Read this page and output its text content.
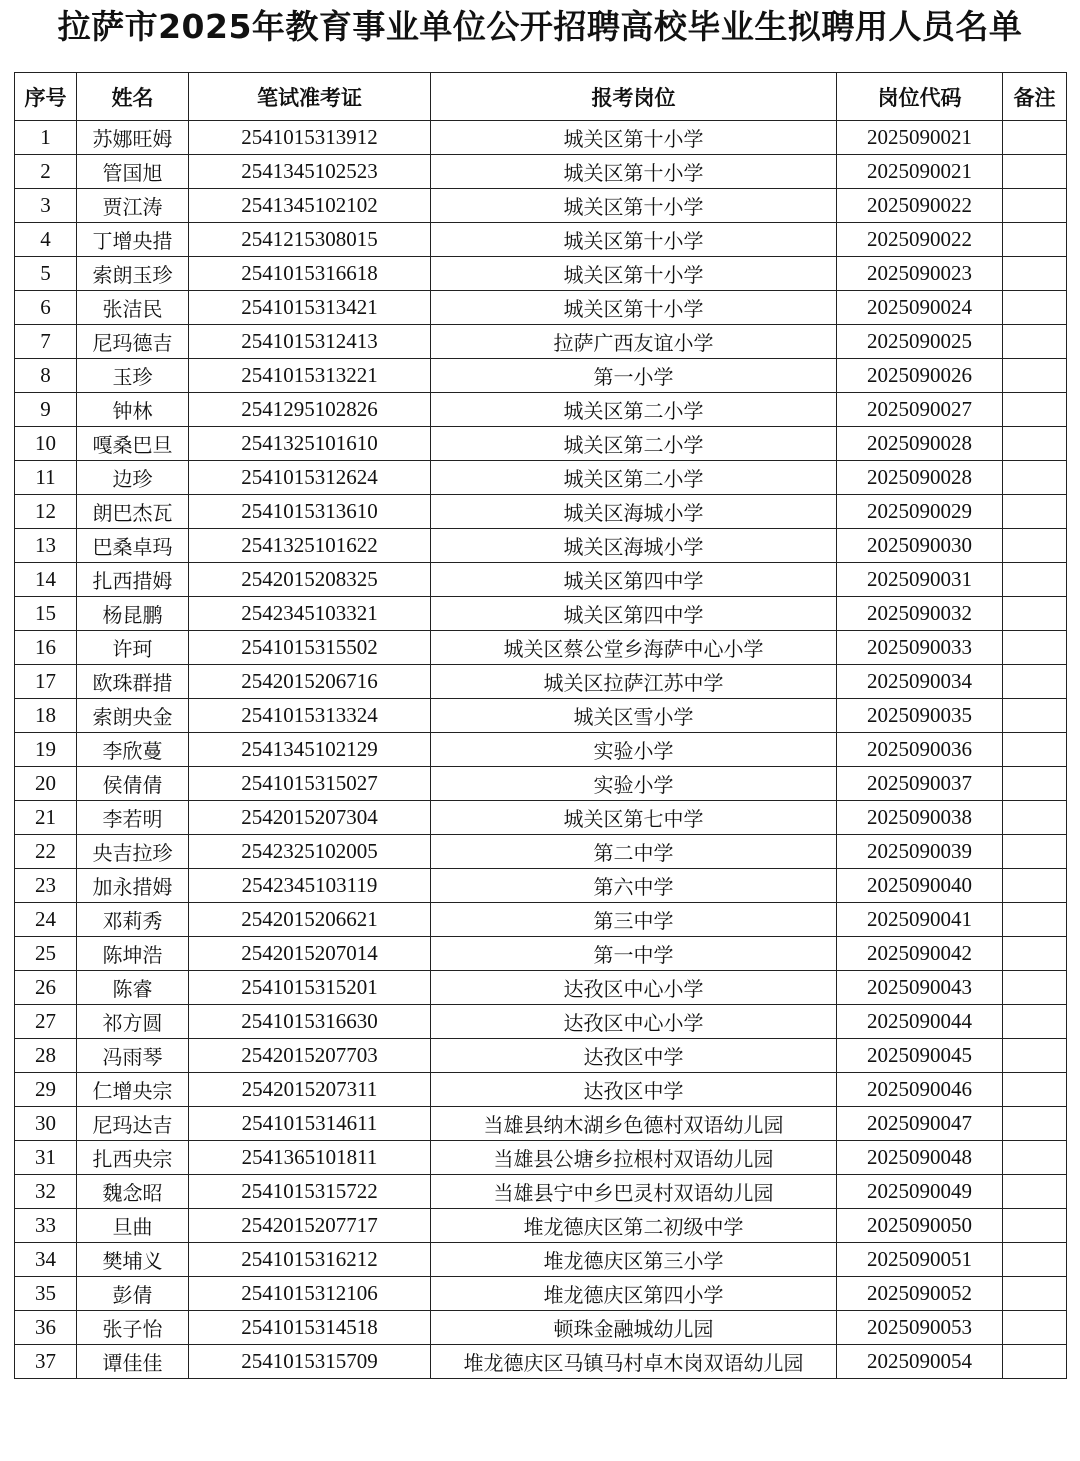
拉萨市2025年教育事业单位公开招聘高校毕业生拟聘用人员名单
序号	姓名	笔试准考证	报考岗位	岗位代码	备注
1	苏娜旺姆	2541015313912	城关区第十小学	2025090021	
2	管国旭	2541345102523	城关区第十小学	2025090021	
3	贾江涛	2541345102102	城关区第十小学	2025090022	
4	丁增央措	2541215308015	城关区第十小学	2025090022	
5	索朗玉珍	2541015316618	城关区第十小学	2025090023	
6	张洁民	2541015313421	城关区第十小学	2025090024	
7	尼玛德吉	2541015312413	拉萨广西友谊小学	2025090025	
8	玉珍	2541015313221	第一小学	2025090026	
9	钟林	2541295102826	城关区第二小学	2025090027	
10	嘎桑巴旦	2541325101610	城关区第二小学	2025090028	
11	边珍	2541015312624	城关区第二小学	2025090028	
12	朗巴杰瓦	2541015313610	城关区海城小学	2025090029	
13	巴桑卓玛	2541325101622	城关区海城小学	2025090030	
14	扎西措姆	2542015208325	城关区第四中学	2025090031	
15	杨昆鹏	2542345103321	城关区第四中学	2025090032	
16	许珂	2541015315502	城关区蔡公堂乡海萨中心小学	2025090033	
17	欧珠群措	2542015206716	城关区拉萨江苏中学	2025090034	
18	索朗央金	2541015313324	城关区雪小学	2025090035	
19	李欣蔓	2541345102129	实验小学	2025090036	
20	侯倩倩	2541015315027	实验小学	2025090037	
21	李若明	2542015207304	城关区第七中学	2025090038	
22	央吉拉珍	2542325102005	第二中学	2025090039	
23	加永措姆	2542345103119	第六中学	2025090040	
24	邓莉秀	2542015206621	第三中学	2025090041	
25	陈坤浩	2542015207014	第一中学	2025090042	
26	陈睿	2541015315201	达孜区中心小学	2025090043	
27	祁方圆	2541015316630	达孜区中心小学	2025090044	
28	冯雨琴	2542015207703	达孜区中学	2025090045	
29	仁增央宗	2542015207311	达孜区中学	2025090046	
30	尼玛达吉	2541015314611	当雄县纳木湖乡色德村双语幼儿园	2025090047	
31	扎西央宗	2541365101811	当雄县公塘乡拉根村双语幼儿园	2025090048	
32	魏念昭	2541015315722	当雄县宁中乡巴灵村双语幼儿园	2025090049	
33	旦曲	2542015207717	堆龙德庆区第二初级中学	2025090050	
34	樊埔义	2541015316212	堆龙德庆区第三小学	2025090051	
35	彭倩	2541015312106	堆龙德庆区第四小学	2025090052	
36	张子怡	2541015314518	顿珠金融城幼儿园	2025090053	
37	谭佳佳	2541015315709	堆龙德庆区马镇马村卓木岗双语幼儿园	2025090054	
